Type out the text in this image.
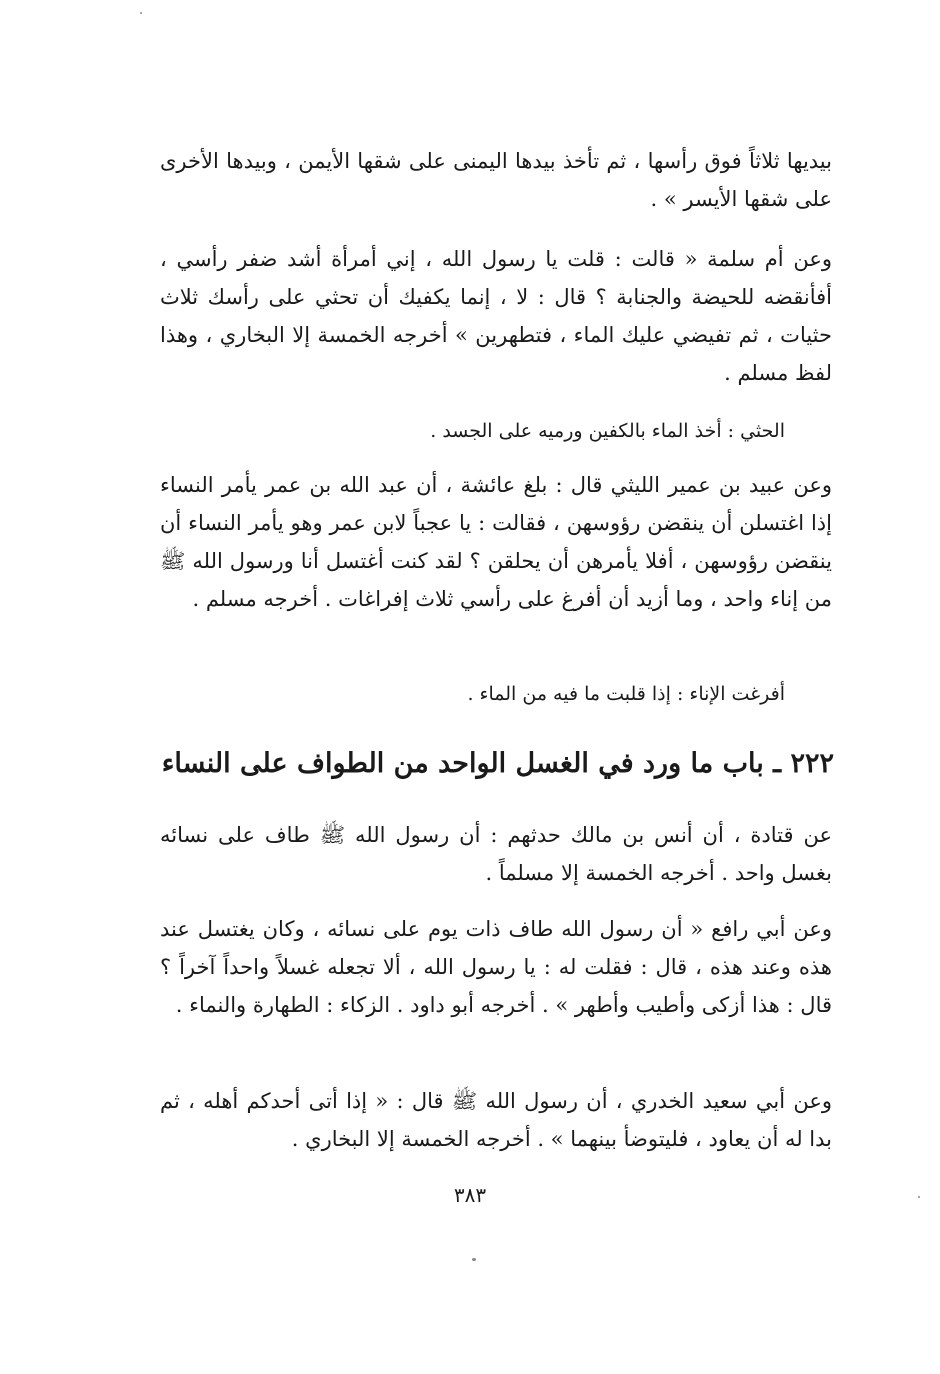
بيديها ثلاثاً فوق رأسها ، ثم تأخذ بيدها اليمنى على شقها الأيمن ، وبيدها الأخرى على شقها الأيسر » .

وعن أم سلمة « قالت : قلت يا رسول الله ، إني أمرأة أشد ضفر رأسي ، أفأنقضه للحيضة والجنابة ؟ قال : لا ، إنما يكفيك أن تحثي على رأسك ثلاث حثيات ، ثم تفيضي عليك الماء ، فتطهرين » أخرجه الخمسة إلا البخاري ، وهذا لفظ مسلم .

الحثي : أخذ الماء بالكفين ورميه على الجسد .

وعن عبيد بن عمير الليثي قال : بلغ عائشة ، أن عبد الله بن عمر يأمر النساء إذا اغتسلن أن ينقضن رؤوسهن ، فقالت : يا عجباً لابن عمر وهو يأمر النساء أن ينقضن رؤوسهن ، أفلا يأمرهن أن يحلقن ؟ لقد كنت أغتسل أنا ورسول الله ﷺ من إناء واحد ، وما أزيد أن أفرغ على رأسي ثلاث إفراغات . أخرجه مسلم .

أفرغت الإناء : إذا قلبت ما فيه من الماء .

٢٢٢ ـ باب ما ورد في الغسل الواحد من الطواف على النساء

عن قتادة ، أن أنس بن مالك حدثهم : أن رسول الله ﷺ طاف على نسائه بغسل واحد . أخرجه الخمسة إلا مسلماً .

وعن أبي رافع « أن رسول الله طاف ذات يوم على نسائه ، وكان يغتسل عند هذه وعند هذه ، قال : فقلت له : يا رسول الله ، ألا تجعله غسلاً واحداً آخراً ؟ قال : هذا أزكى وأطيب وأطهر » . أخرجه أبو داود . الزكاء : الطهارة والنماء .

وعن أبي سعيد الخدري ، أن رسول الله ﷺ قال : « إذا أتى أحدكم أهله ، ثم بدا له أن يعاود ، فليتوضأ بينهما » . أخرجه الخمسة إلا البخاري .

٣٨٣
